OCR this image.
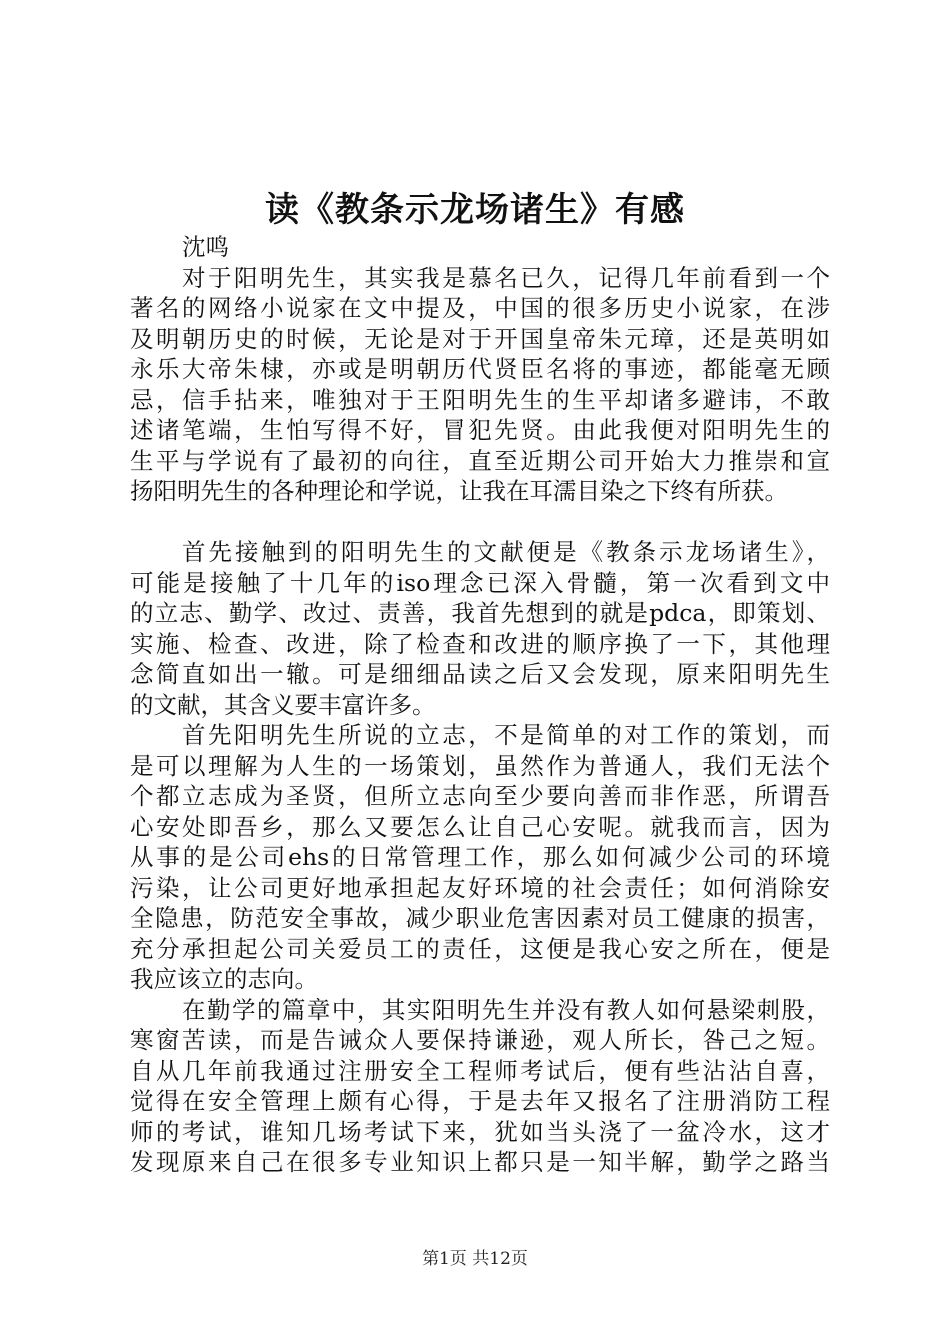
读《教条示龙场诸生》有感
沈鸣
对于阳明先生，其实我是慕名已久，记得几年前看到一个
著名的网络小说家在文中提及，中国的很多历史小说家，在涉
及明朝历史的时候，无论是对于开国皇帝朱元璋，还是英明如
永乐大帝朱棣，亦或是明朝历代贤臣名将的事迹，都能毫无顾
忌，信手拈来，唯独对于王阳明先生的生平却诸多避讳，不敢
述诸笔端，生怕写得不好，冒犯先贤。由此我便对阳明先生的
生平与学说有了最初的向往，直至近期公司开始大力推崇和宣
扬阳明先生的各种理论和学说，让我在耳濡目染之下终有所获。
首先接触到的阳明先生的文献便是《教条示龙场诸生》，
可能是接触了十几年的iso理念已深入骨髓，第一次看到文中
的立志、勤学、改过、责善，我首先想到的就是pdca，即策划、
实施、检查、改进，除了检查和改进的顺序换了一下，其他理
念简直如出一辙。可是细细品读之后又会发现，原来阳明先生
的文献，其含义要丰富许多。
首先阳明先生所说的立志，不是简单的对工作的策划，而
是可以理解为人生的一场策划，虽然作为普通人，我们无法个
个都立志成为圣贤，但所立志向至少要向善而非作恶，所谓吾
心安处即吾乡，那么又要怎么让自己心安呢。就我而言，因为
从事的是公司ehs的日常管理工作，那么如何减少公司的环境
污染，让公司更好地承担起友好环境的社会责任；如何消除安
全隐患，防范安全事故，减少职业危害因素对员工健康的损害，
充分承担起公司关爱员工的责任，这便是我心安之所在，便是
我应该立的志向。
在勤学的篇章中，其实阳明先生并没有教人如何悬梁刺股，
寒窗苦读，而是告诫众人要保持谦逊，观人所长，咎己之短。
自从几年前我通过注册安全工程师考试后，便有些沾沾自喜，
觉得在安全管理上颇有心得，于是去年又报名了注册消防工程
师的考试，谁知几场考试下来，犹如当头浇了一盆冷水，这才
发现原来自己在很多专业知识上都只是一知半解，勤学之路当
第1页 共12页
